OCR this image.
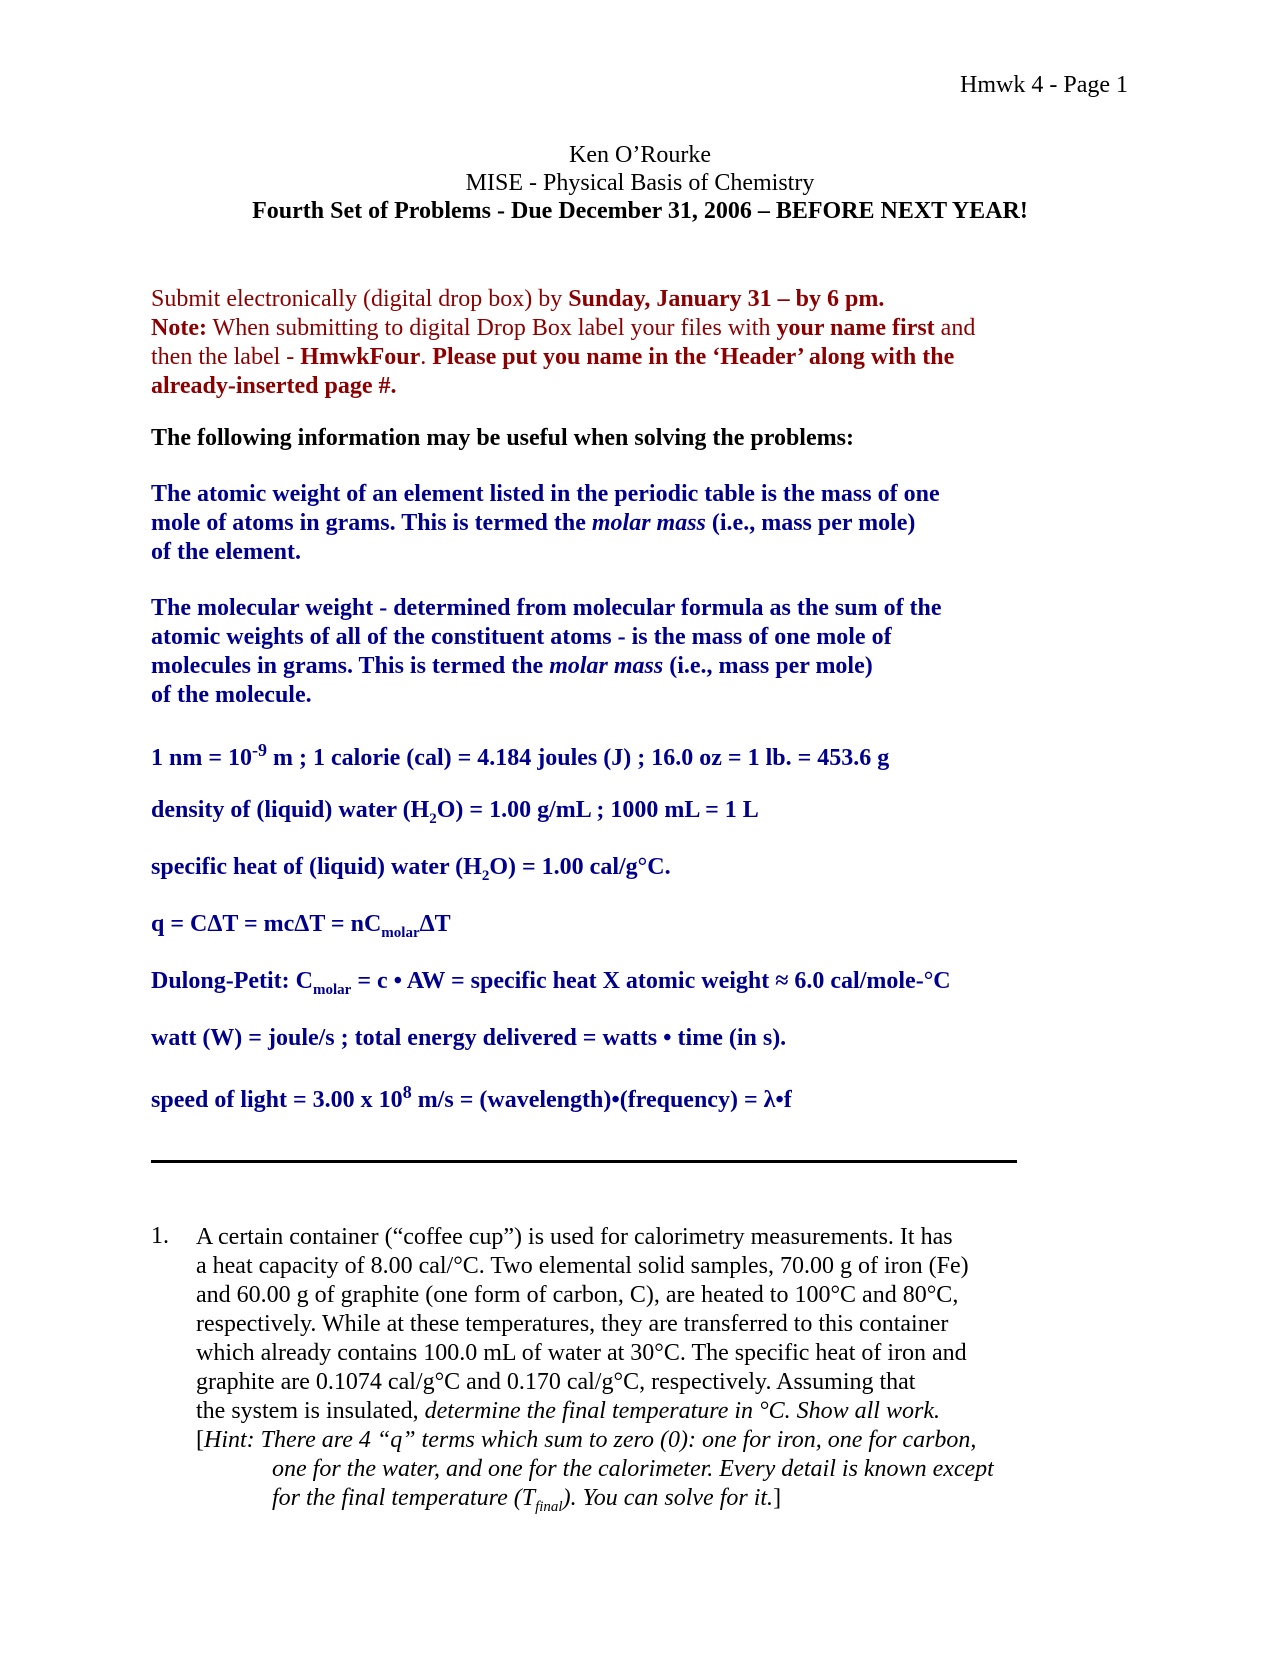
Hmwk 4 - Page 1
Ken O’Rourke
MISE - Physical Basis of Chemistry
Fourth Set of Problems - Due December 31, 2006 – BEFORE NEXT YEAR!
Submit electronically (digital drop box) by Sunday, January 31 – by 6 pm.
Note: When submitting to digital Drop Box label your files with your name first and
then the label - HmwkFour. Please put you name in the ‘Header’ along with the
already-inserted page #.
The following information may be useful when solving the problems:
The atomic weight of an element listed in the periodic table is the mass of one
mole of atoms in grams. This is termed the molar mass (i.e., mass per mole)
of the element.
The molecular weight - determined from molecular formula as the sum of the
atomic weights of all of the constituent atoms - is the mass of one mole of
molecules in grams. This is termed the molar mass (i.e., mass per mole)
of the molecule.
1 nm = $10^{-9}$ m ; 1 calorie (cal) = 4.184 joules (J) ; 16.0 oz = 1 lb. = 453.6 g
density of (liquid) water $(H_2O) = 1.00$ g/mL ; 1000 mL = 1 L
specific heat of (liquid) water $(H_2O) = 1.00$ cal/g°C.
$q = C\Delta T = mc\Delta T = nC_{molar}\Delta T$
Dulong-Petit: $C_{molar} = c$ • AW = specific heat X atomic weight ≈ 6.0 cal/mole-°C
watt (W) = joule/s ; total energy delivered = watts • time (in s).
speed of light = 3.00 x $10^8$ m/s = (wavelength)•(frequency) = λ•f
1. A certain container (“coffee cup”) is used for calorimetry measurements. It has
a heat capacity of 8.00 cal/°C. Two elemental solid samples, 70.00 g of iron (Fe)
and 60.00 g of graphite (one form of carbon, C), are heated to 100°C and 80°C,
respectively. While at these temperatures, they are transferred to this container
which already contains 100.0 mL of water at 30°C. The specific heat of iron and
graphite are 0.1074 cal/g°C and 0.170 cal/g°C, respectively. Assuming that
the system is insulated, determine the final temperature in °C. Show all work.
[Hint: There are 4 “q” terms which sum to zero (0): one for iron, one for carbon,
one for the water, and one for the calorimeter. Every detail is known except
for the final temperature $(T_{final})$. You can solve for it.]
